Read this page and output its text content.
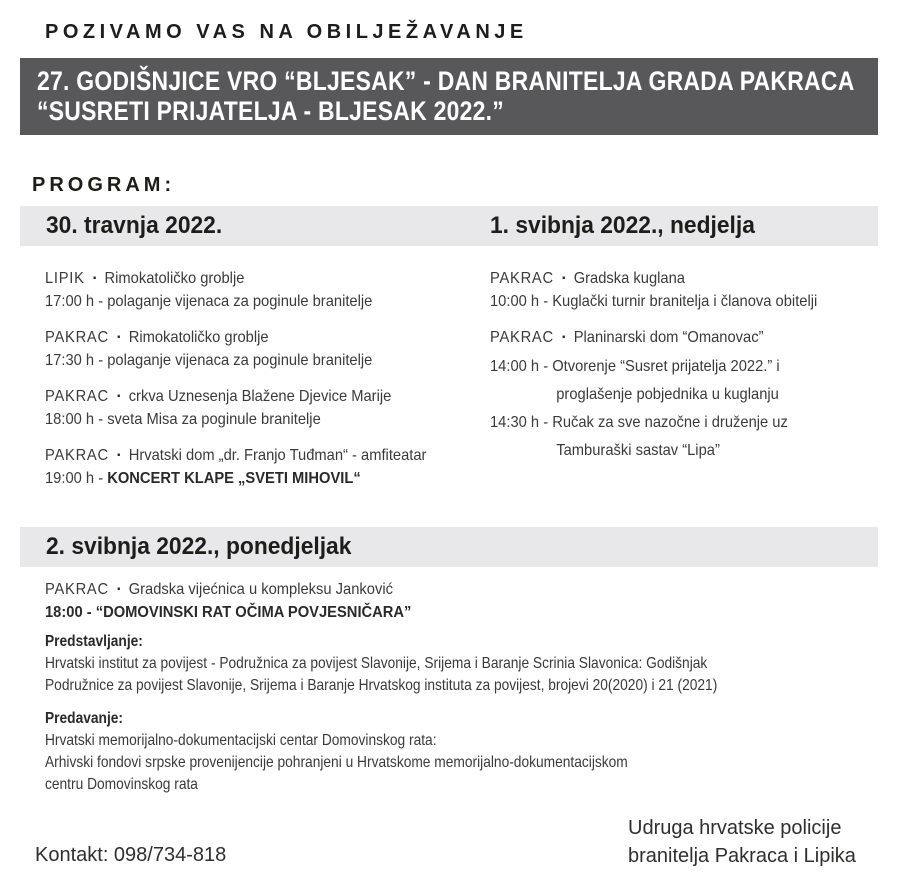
POZIVAMO VAS NA OBILJEŽAVANJE
27. GODIŠNJICE VRO “BLJESAK” - DAN BRANITELJA GRADA PAKRACA
“SUSRETI PRIJATELJA - BLJESAK 2022.”
PROGRAM:
30. travnja 2022.	1. svibnja 2022., nedjelja
LIPIK ▪ Rimokatoličko groblje
17:00 h - polaganje vijenaca za poginule branitelje
PAKRAC ▪ Rimokatoličko groblje
17:30 h - polaganje vijenaca za poginule branitelje
PAKRAC ▪ crkva Uznesenja Blažene Djevice Marije
18:00 h - sveta Misa za poginule branitelje
PAKRAC ▪ Hrvatski dom „dr. Franjo Tuđman“ - amfiteatar
19:00 h - KONCERT KLAPE „SVETI MIHOVIL“
PAKRAC ▪ Gradska kuglana
10:00 h - Kuglački turnir branitelja i članova obitelji
PAKRAC ▪ Planinarski dom “Omanovac”
14:00 h - Otvorenje “Susret prijatelja 2022.” i
proglašenje pobjednika u kuglanju
14:30 h - Ručak za sve nazočne i druženje uz
Tamburaški sastav “Lipa”
2. svibnja 2022., ponedjeljak
PAKRAC ▪ Gradska vijećnica u kompleksu Janković
18:00 - “DOMOVINSKI RAT OČIMA POVJESNIČARA”
Predstavljanje:
Hrvatski institut za povijest - Podružnica za povijest Slavonije, Srijema i Baranje Scrinia Slavonica: Godišnjak
Podružnice za povijest Slavonije, Srijema i Baranje Hrvatskog instituta za povijest, brojevi 20(2020) i 21 (2021)
Predavanje:
Hrvatski memorijalno-dokumentacijski centar Domovinskog rata:
Arhivski fondovi srpske provenijencije pohranjeni u Hrvatskome memorijalno-dokumentacijskom
centru Domovinskog rata
Kontakt: 098/734-818
Udruga hrvatske policije
branitelja Pakraca i Lipika
